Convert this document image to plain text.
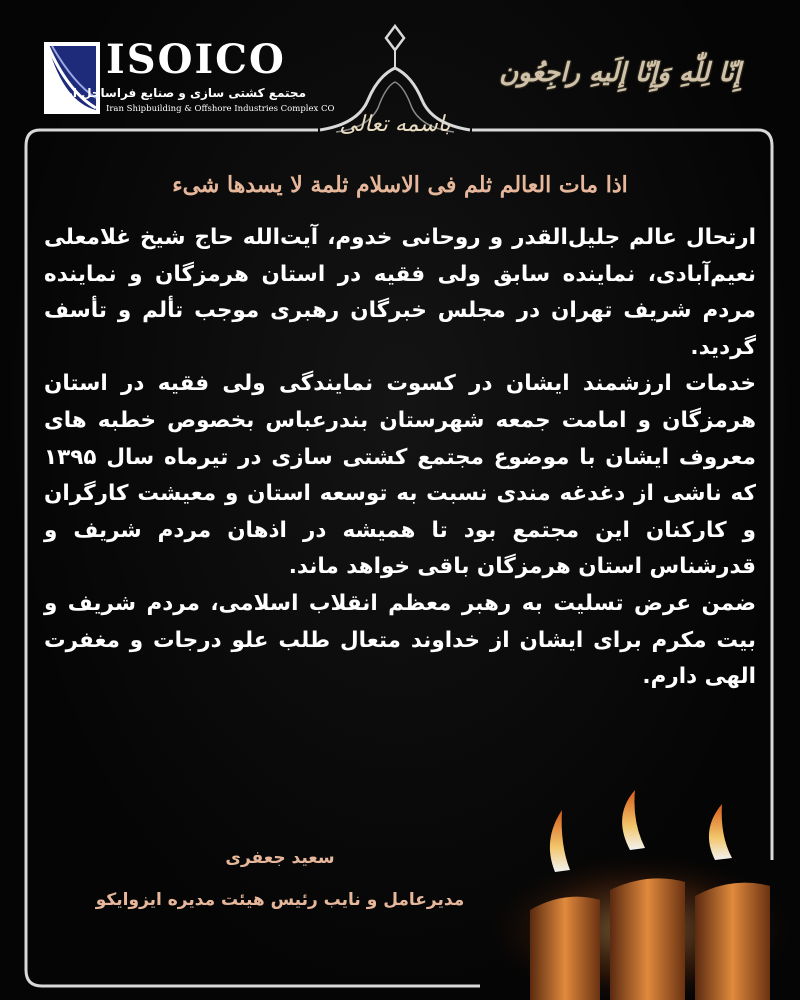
ISOICO
مجتمع کشتی سازی و صنایع فراساحل ایران
Iran Shipbuilding & Offshore Industries Complex CO
باسمه تعالی
إِنّا لِلّٰهِ وَإِنّا إِلَیهِ راجِعُون
اذا مات العالم ثلم فی الاسلام ثلمة لا یسدها شیء

ارتحال عالم جلیل‌القدر و روحانی خدوم، آیت‌الله حاج شیخ غلامعلی نعیم‌آبادی، نماینده سابق ولی فقیه در استان هرمزگان و نماینده مردم شریف تهران در مجلس خبرگان رهبری موجب تألم و تأسف گردید.

خدمات ارزشمند ایشان در کسوت نمایندگی ولی فقیه در استان هرمزگان و امامت جمعه شهرستان بندرعباس بخصوص خطبه های معروف ایشان با موضوع مجتمع کشتی سازی در تیرماه سال ۱۳۹۵ که ناشی از دغدغه مندی نسبت به توسعه استان و معیشت کارگران و کارکنان این مجتمع بود تا همیشه در اذهان مردم شریف و قدرشناس استان هرمزگان باقی خواهد ماند.

ضمن عرض تسلیت به رهبر معظم انقلاب اسلامی، مردم شریف و بیت مکرم برای ایشان از خداوند متعال طلب علو درجات و مغفرت الهی دارم.

سعید جعفری
مدیرعامل و نایب رئیس هیئت مدیره ایزوایکو
